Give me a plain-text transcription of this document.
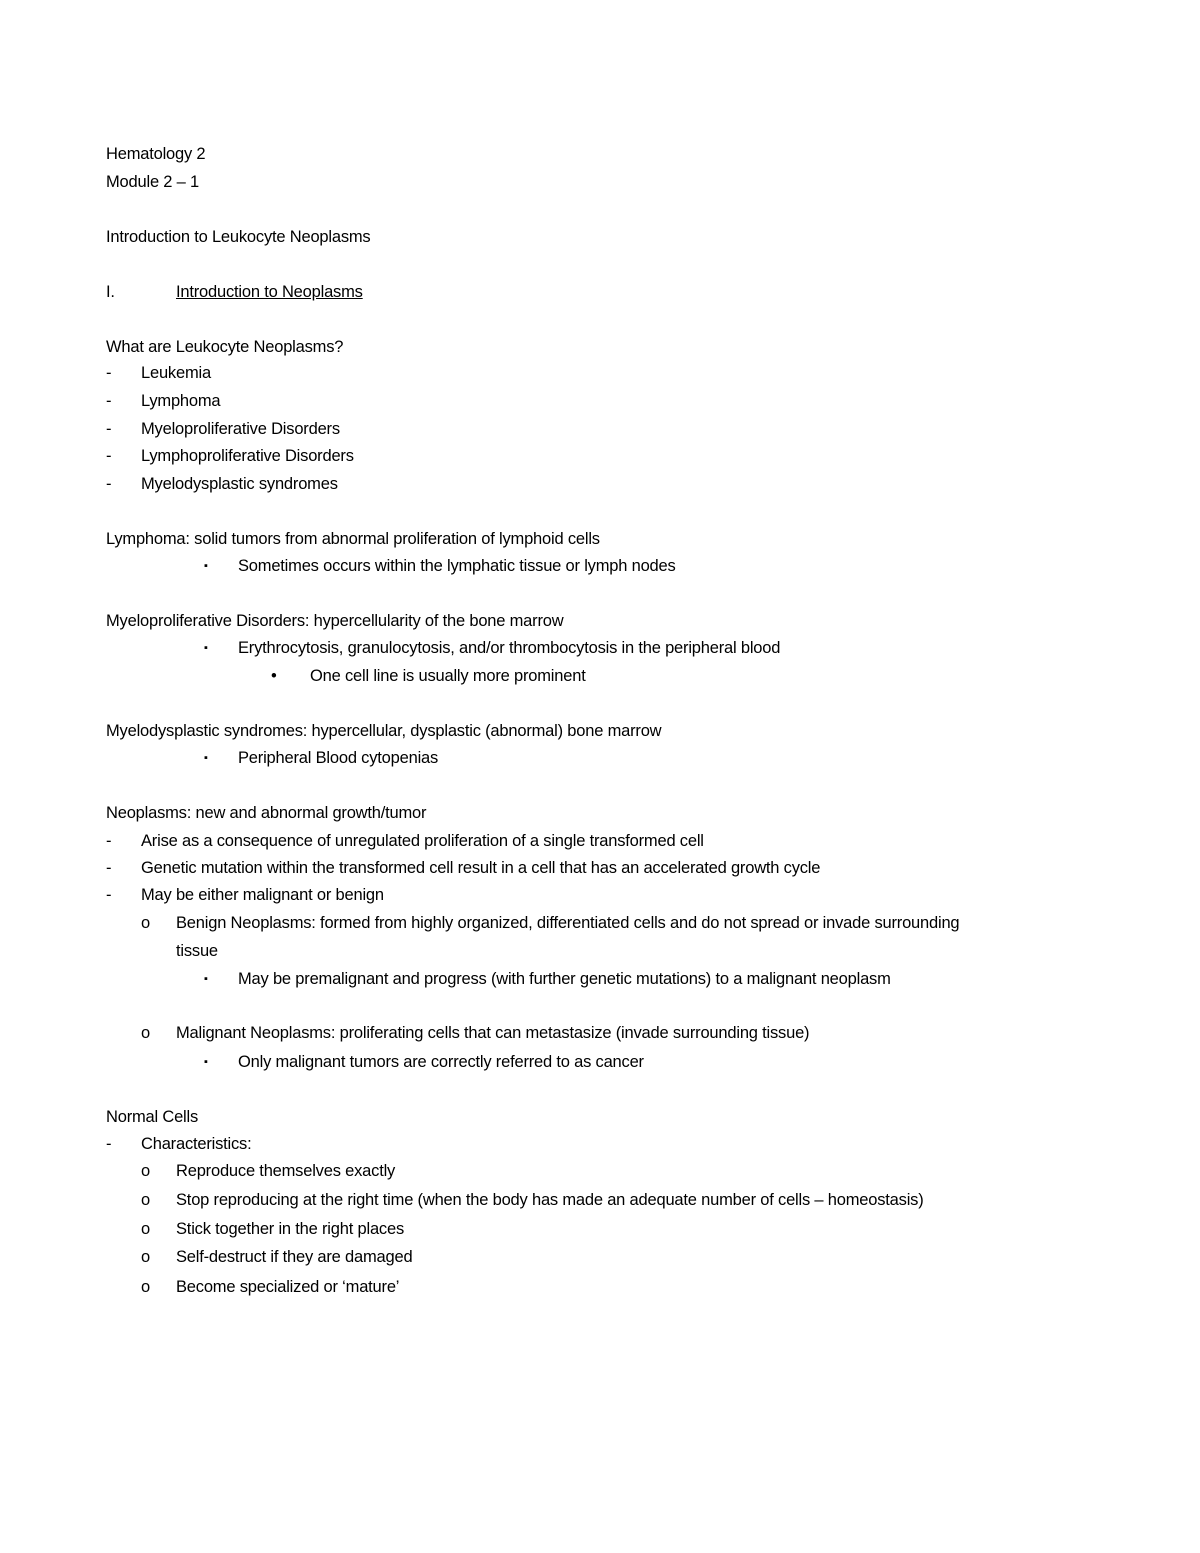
Hematology 2
Module 2 – 1
Introduction to Leukocyte Neoplasms
I.	Introduction to Neoplasms
What are Leukocyte Neoplasms?
- Leukemia
- Lymphoma
- Myeloproliferative Disorders
- Lymphoproliferative Disorders
- Myelodysplastic syndromes
Lymphoma: solid tumors from abnormal proliferation of lymphoid cells
▪ Sometimes occurs within the lymphatic tissue or lymph nodes
Myeloproliferative Disorders: hypercellularity of the bone marrow
▪ Erythrocytosis, granulocytosis, and/or thrombocytosis in the peripheral blood
• One cell line is usually more prominent
Myelodysplastic syndromes: hypercellular, dysplastic (abnormal) bone marrow
▪ Peripheral Blood cytopenias
Neoplasms: new and abnormal growth/tumor
- Arise as a consequence of unregulated proliferation of a single transformed cell
- Genetic mutation within the transformed cell result in a cell that has an accelerated growth cycle
- May be either malignant or benign
o Benign Neoplasms: formed from highly organized, differentiated cells and do not spread or invade surrounding
tissue
▪ May be premalignant and progress (with further genetic mutations) to a malignant neoplasm
o Malignant Neoplasms: proliferating cells that can metastasize (invade surrounding tissue)
▪ Only malignant tumors are correctly referred to as cancer
Normal Cells
- Characteristics:
o Reproduce themselves exactly
o Stop reproducing at the right time (when the body has made an adequate number of cells – homeostasis)
o Stick together in the right places
o Self-destruct if they are damaged
o Become specialized or ‘mature’
